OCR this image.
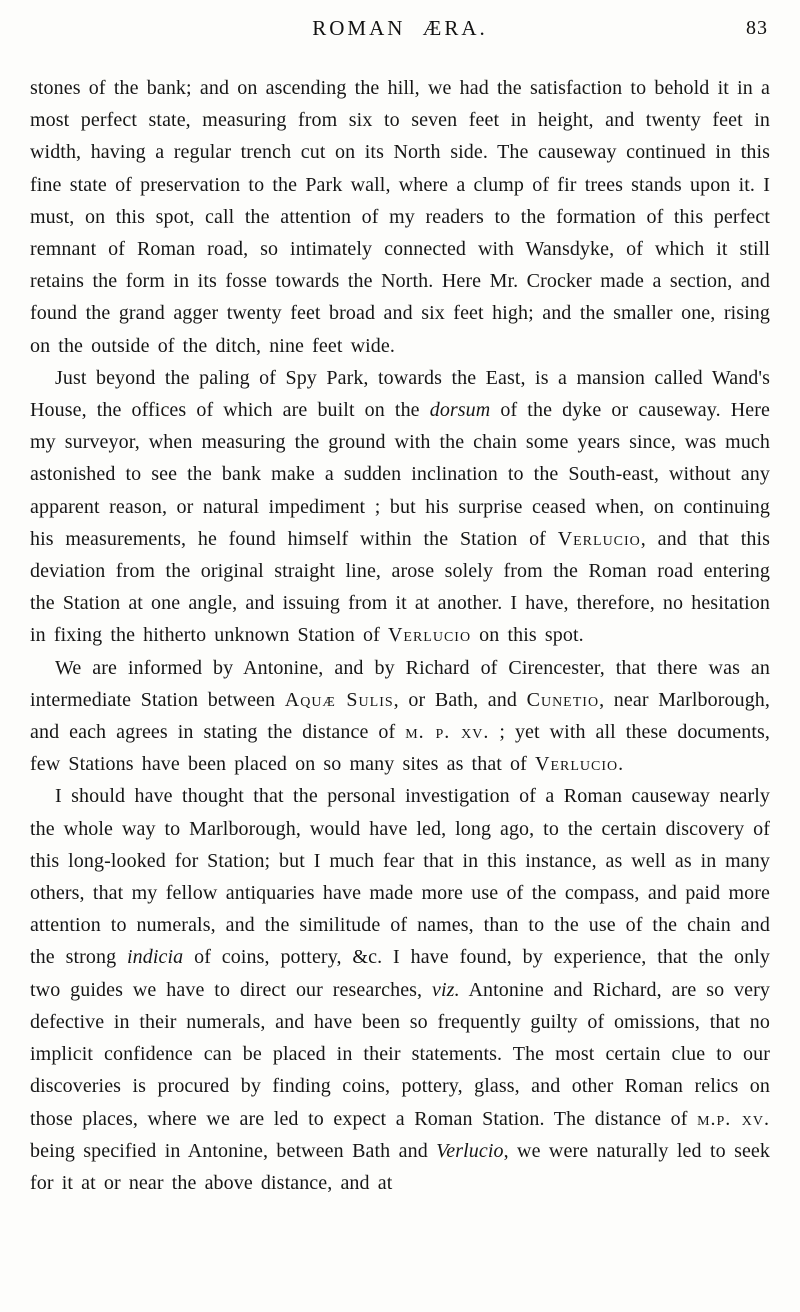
ROMAN ÆRA.	83

stones of the bank; and on ascending the hill, we had the satisfaction to behold it in a most perfect state, measuring from six to seven feet in height, and twenty feet in width, having a regular trench cut on its North side. The causeway continued in this fine state of preservation to the Park wall, where a clump of fir trees stands upon it. I must, on this spot, call the attention of my readers to the formation of this perfect remnant of Roman road, so intimately connected with Wansdyke, of which it still retains the form in its fosse towards the North. Here Mr. Crocker made a section, and found the grand agger twenty feet broad and six feet high; and the smaller one, rising on the outside of the ditch, nine feet wide.

Just beyond the paling of Spy Park, towards the East, is a mansion called Wand's House, the offices of which are built on the dorsum of the dyke or causeway. Here my surveyor, when measuring the ground with the chain some years since, was much astonished to see the bank make a sudden inclination to the South-east, without any apparent reason, or natural impediment ; but his surprise ceased when, on continuing his measurements, he found himself within the Station of Verlucio, and that this deviation from the original straight line, arose solely from the Roman road entering the Station at one angle, and issuing from it at another. I have, therefore, no hesitation in fixing the hitherto unknown Station of Verlucio on this spot.

We are informed by Antonine, and by Richard of Cirencester, that there was an intermediate Station between Aquæ Sulis, or Bath, and Cunetio, near Marlborough, and each agrees in stating the distance of m. p. xv. ; yet with all these documents, few Stations have been placed on so many sites as that of Verlucio.

I should have thought that the personal investigation of a Roman causeway nearly the whole way to Marlborough, would have led, long ago, to the certain discovery of this long-looked for Station; but I much fear that in this instance, as well as in many others, that my fellow antiquaries have made more use of the compass, and paid more attention to numerals, and the similitude of names, than to the use of the chain and the strong indicia of coins, pottery, &c. I have found, by experience, that the only two guides we have to direct our researches, viz. Antonine and Richard, are so very defective in their numerals, and have been so frequently guilty of omissions, that no implicit confidence can be placed in their statements. The most certain clue to our discoveries is procured by finding coins, pottery, glass, and other Roman relics on those places, where we are led to expect a Roman Station. The distance of m.p. xv. being specified in Antonine, between Bath and Verlucio, we were naturally led to seek for it at or near the above distance, and at
